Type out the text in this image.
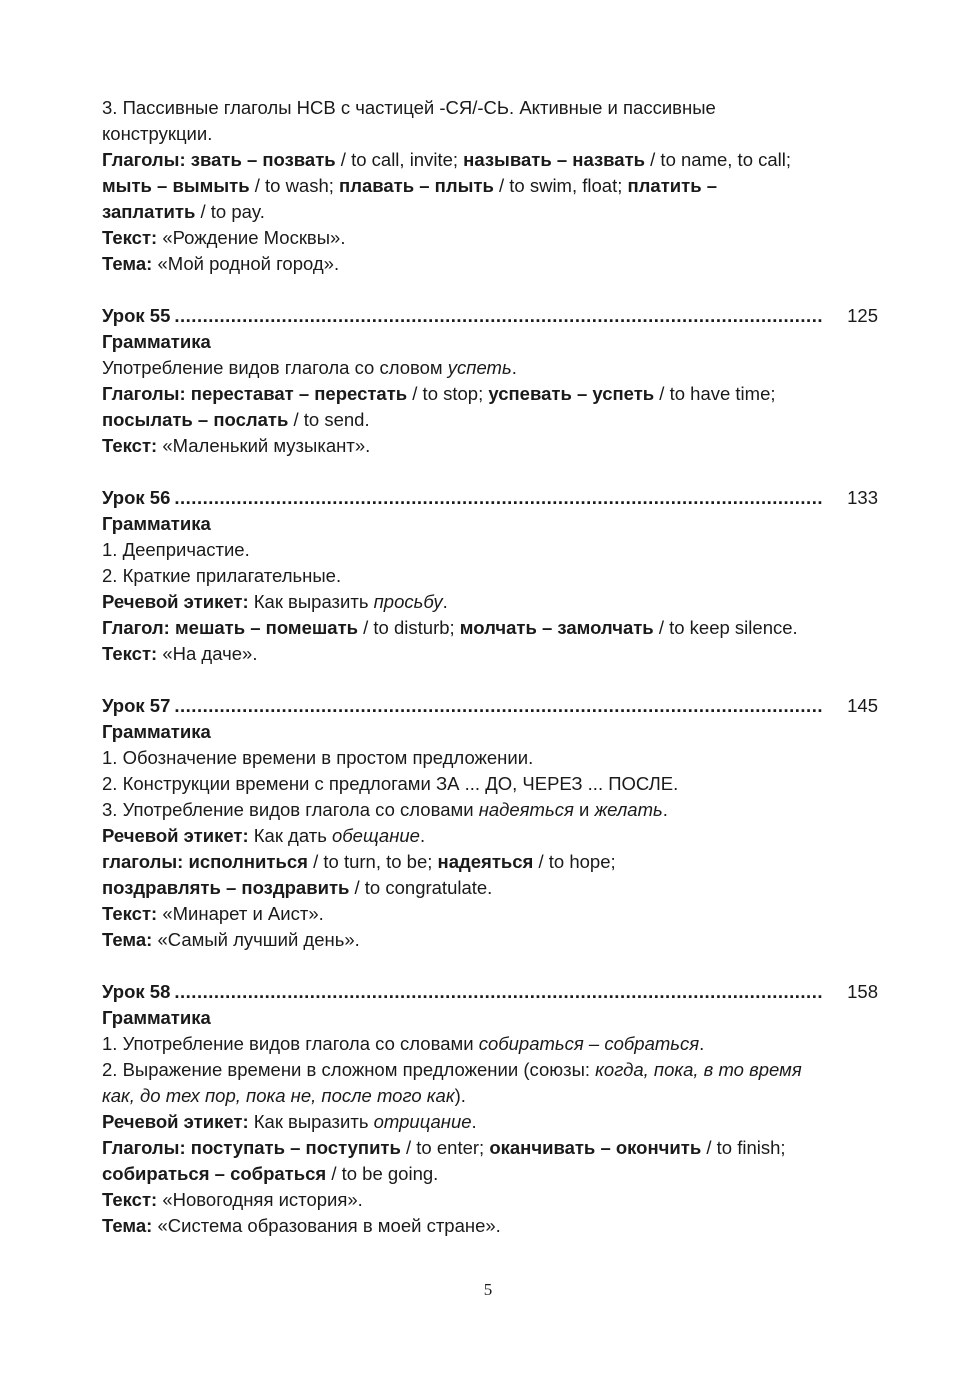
3. Пассивные глаголы НСВ с частицей -СЯ/-СЬ. Активные и пассивные конструкции.

Глаголы: звать – позвать / to call, invite; называть – назвать / to name, to call; мыть – вымыть / to wash; плавать – плыть / to swim, float; платить – заплатить / to pay.

Текст: «Рождение Москвы».

Тема: «Мой родной город».

Урок 55 .....	125

Грамматика

Употребление видов глагола со словом успеть.

Глаголы: перестават – перестать / to stop; успевать – успеть / to have time; посылать – послать / to send.

Текст: «Маленький музыкант».

Урок 56 .....	133

Грамматика

1. Деепричастие.

2. Краткие прилагательные.

Речевой этикет: Как выразить просьбу.

Глагол: мешать – помешать / to disturb; молчать – замолчать / to keep silence.

Текст: «На даче».

Урок 57 .....	145

Грамматика

1. Обозначение времени в простом предложении.

2. Конструкции времени с предлогами ЗА ... ДО, ЧЕРЕЗ ... ПОСЛЕ.

3. Употребление видов глагола со словами надеяться и желать.

Речевой этикет: Как дать обещание.

глаголы: исполниться / to turn, to be; надеяться / to hope;

поздравлять – поздравить / to congratulate.

Текст: «Минарет и Аист».

Тема: «Самый лучший день».

Урок 58 .....	158

Грамматика

1. Употребление видов глагола со словами собираться – собраться.

2. Выражение времени в сложном предложении (союзы: когда, пока, в то время как, до тех пор, пока не, после того как).

Речевой этикет: Как выразить отрицание.

Глаголы: поступать – поступить / to enter; оканчивать – окончить / to finish; собираться – собраться / to be going.

Текст: «Новогодняя история».

Тема: «Система образования в моей стране».

5
